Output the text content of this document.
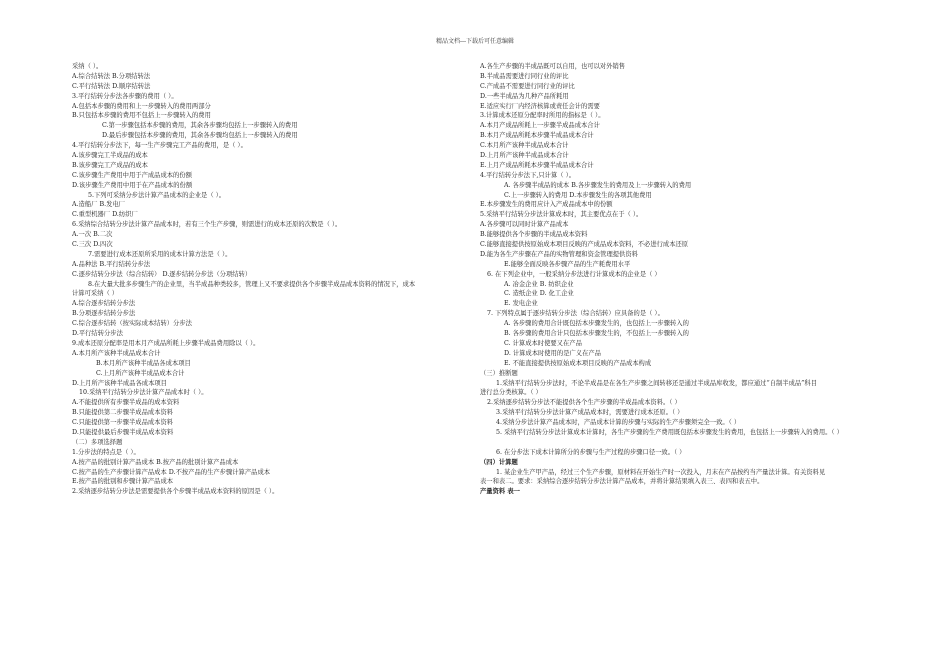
精品文档---下载后可任意编辑
采纳（ ）。
A.综合结转法 B.分项结转法
C.平行结转法 D.顺序结转法
3.平行结转分步法各步骤的费用（ ）。
A.包括本步骤的费用和上一步骤转入的费用两部分
B.只包括本步骤的费用不包括上一步骤转入的费用
C.第一步骤包括本步骤的费用，其余各步骤均包括上一步骤转入的费用
D.最后步骤包括本步骤的费用，其余各步骤均包括上一步骤转入的费用
4.平行结转分步法下，每一生产步骤完工产品的费用，是（ ）。
A.该步骤完工半成品的成本
B.该步骤完工产成品的成本
C.该步骤生产费用中用于产成品成本的份额
D.该步骤生产费用中用于在产品成本的份额
5.下列可采纳分步法计算产品成本的企业是（ ）。
A.造船厂 B.发电厂
C.重型机器厂 D.纺织厂
6.采纳综合结转分步法计算产品成本时，若有三个生产步骤，则需进行的成本还原的次数是（ ）。
A.一次 B.二次
C.三次 D.四次
7.需要进行成本还原所采用的成本计算方法是（ ）。
A.品种法 B.平行结转分步法
C.逐步结转分步法（综合结转） D.逐步结转分步法（分项结转）
8.在大量大批多步骤生产的企业里，当半成品种类较多，管理上又不要求提供各个步骤半成品成本资料的情况下，成本
计算可采纳（ ）
A.综合逐步结转分步法
B.分项逐步结转分步法
C.综合逐步结转（按实际成本结转）分步法
D.平行结转分步法
9.成本还原分配率是用本月产成品所耗上步骤半成品费用除以（ ）。
A.本月所产该种半成品成本合计
B.本月所产该种半成品各成本项目
C.上月所产该种半成品成本合计
D.上月所产该种半成品各成本项目
10.采纳平行结转分步法计算产品成本时（ ）。
A.不能提供所有步骤半成品的成本资料
B.只能提供第二步骤半成品成本资料
C.只能提供第一步骤半成品成本资料
D.只能提供最后步骤半成品成本资料
（二）多项选择题
1.分步法的特点是（ ）。
A.按产品的批别计算产品成本 B.按产品的批别计算产品成本
C.按产品的生产步骤计算产品成本 D.不按产品的生产步骤计算产品成本
E.按产品的批别和步骤计算产品成本
2.采纳逐步结转分步法是需要提供各个步骤半成品成本资料的原因是（ ）。
A.各生产步骤的半成品既可以自用，也可以对外销售
B.半成品需要进行同行业的评比
C.产成品不需要进行同行业的评比
D.一些半成品为几种产品所耗用
E.适应实行厂内经济核算或责任会计的需要
3.计算成本还原分配率时所用的指标是（ ）。
A.本月产成品所耗上一步骤半成品成本合计
B.本月产成品所耗本步骤半成品成本合计
C.本月所产该种半成品成本合计
D.上月所产该种半成品成本合计
E.上月产成品所耗本步骤半成品成本合计
4.平行结转分步法下,只计算（ ）。
A. 各步骤半成品的成本 B.各步骤发生的费用及上一步骤转入的费用
C.上一步骤转入的费用 D.本步骤发生的各项其他费用
E.本步骤发生的费用应计入产成品成本中的份额
5.采纳平行结转分步法计算成本时，其主要优点在于（ ）。
A.各步骤可以同时计算产品成本
B.能够提供各个步骤的半成品成本资料
C.能够直接提供按原始成本项目反映的产成品成本资料，不必进行成本还原
D.能为各生产步骤在产品的实物管理和资金管理提供资料
E.能够全面反映各步骤产品的生产耗费用水平
6. 在下列企业中，一般采纳分步法进行计算成本的企业是（ ）
A. 冶金企业 B. 纺织企业
C. 造纸企业 D. 化工企业
E. 发电企业
7. 下列特点属于逐步结转分步法（综合结转）应具备的是（ ）。
A. 各步骤的费用合计既包括本步骤发生的，也包括上一步骤转入的
B. 各步骤的费用合计只包括本步骤发生的，不包括上一步骤转入的
C. 计算成本时使要又在产品
D. 计算成本时使用的是广义在产品
E. 不能直接提供按原始成本项目反映的产品成本构成
（三）推断题
1.采纳平行结转分步法时，不论半成品是在各生产步骤之间转移还是通过半成品库收发，都应通过“自制半成品”科目
进行总分类核算。（ ）
2.采纳逐步结转分步法不能提供各个生产步骤的半成品成本资料。（ ）
3.采纳平行结转分步法计算产成品成本时，需要进行成本还原。（ ）
4.采纳分步法计算产品成本时，产品成本计算的步骤与实际的生产步骤须完全一致。（ ）
5. 采纳平行结转分步法计算成本计算时，各生产步骤的生产费用既包括本步骤发生的费用，也包括上一步骤转入的费用。（ ）
6. 在分步法下成本计算所分的步骤与生产过程的步骤口径一致。（ ）
（四）计算题
1. 某企业生产甲产品，经过三个生产步骤，原材料在开始生产时一次投入，月末在产品按约当产量法计算。有关资料见
表一和表二。要求：采纳综合逐步结转分步法计算产品成本，并将计算结果填入表三、表四和表五中。
产量资料 表一
